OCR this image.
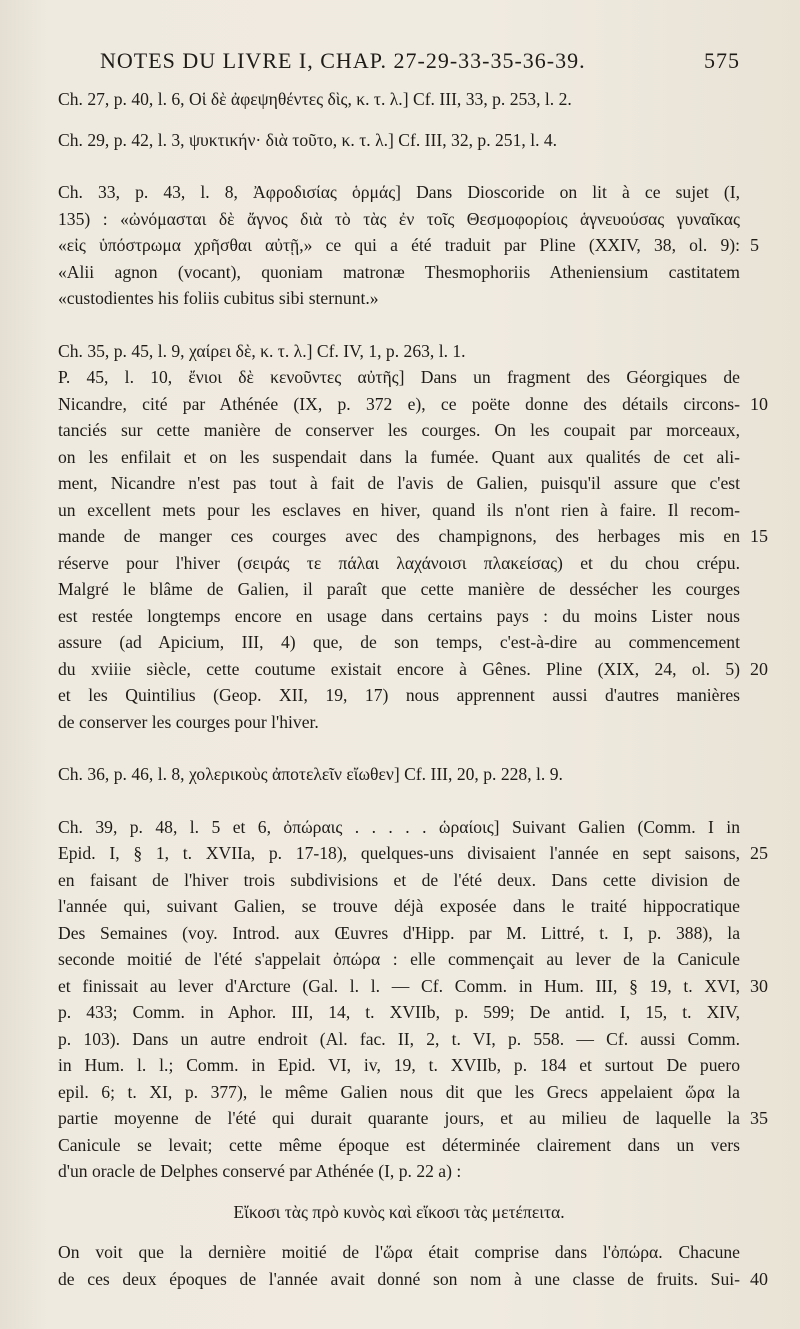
NOTES DU LIVRE I, CHAP. 27-29-33-35-36-39.	575
Ch. 27, p. 40, l. 6, Οἱ δὲ ἀφεψηθέντες δὶς, κ. τ. λ.] Cf. III, 33, p. 253, l. 2.
Ch. 29, p. 42, l. 3, ψυκτικήν· διὰ τοῦτο, κ. τ. λ.] Cf. III, 32, p. 251, l. 4.
Ch. 33, p. 43, l. 8, Ἀφροδισίας ὁρμάς] Dans Dioscoride on lit à ce sujet (I,
135) : «ὠνόμασται δὲ ἄγνος διὰ τὸ τὰς ἐν τοῖς Θεσμοφορίοις ἁγνευούσας γυναῖκας
«εἰς ὑπόστρωμα χρῆσθαι αὐτῇ,» ce qui a été traduit par Pline (XXIV, 38, ol. 9): 5
«Alii agnon (vocant), quoniam matronæ Thesmophoriis Atheniensium castitatem
«custodientes his foliis cubitus sibi sternunt.»
Ch. 35, p. 45, l. 9, χαίρει δὲ, κ. τ. λ.] Cf. IV, 1, p. 263, l. 1.
P. 45, l. 10, ἔνιοι δὲ κενοῦντες αὐτῆς] Dans un fragment des Géorgiques de
Nicandre, cité par Athénée (IX, p. 372 e), ce poëte donne des détails circons- 10
tanciés sur cette manière de conserver les courges. On les coupait par morceaux,
on les enfilait et on les suspendait dans la fumée. Quant aux qualités de cet ali-
ment, Nicandre n'est pas tout à fait de l'avis de Galien, puisqu'il assure que c'est
un excellent mets pour les esclaves en hiver, quand ils n'ont rien à faire. Il recom-
mande de manger ces courges avec des champignons, des herbages mis en 15
réserve pour l'hiver (σειράς τε πάλαι λαχάνοισι πλακείσας) et du chou crépu.
Malgré le blâme de Galien, il paraît que cette manière de dessécher les courges
est restée longtemps encore en usage dans certains pays : du moins Lister nous
assure (ad Apicium, III, 4) que, de son temps, c'est-à-dire au commencement
du xviiie siècle, cette coutume existait encore à Gênes. Pline (XIX, 24, ol. 5) 20
et les Quintilius (Geop. XII, 19, 17) nous apprennent aussi d'autres manières
de conserver les courges pour l'hiver.
Ch. 36, p. 46, l. 8, χολερικοὺς ἀποτελεῖν εἴωθεν] Cf. III, 20, p. 228, l. 9.
Ch. 39, p. 48, l. 5 et 6, ὀπώραις . . . . . ὡραίοις] Suivant Galien (Comm. I in
Epid. I, § 1, t. XVIIa, p. 17-18), quelques-uns divisaient l'année en sept saisons, 25
en faisant de l'hiver trois subdivisions et de l'été deux. Dans cette division de
l'année qui, suivant Galien, se trouve déjà exposée dans le traité hippocratique
Des Semaines (voy. Introd. aux Œuvres d'Hipp. par M. Littré, t. I, p. 388), la
seconde moitié de l'été s'appelait ὀπώρα : elle commençait au lever de la Canicule
et finissait au lever d'Arcture (Gal. l. l. — Cf. Comm. in Hum. III, § 19, t. XVI, 30
p. 433; Comm. in Aphor. III, 14, t. XVIIb, p. 599; De antid. I, 15, t. XIV,
p. 103). Dans un autre endroit (Al. fac. II, 2, t. VI, p. 558. — Cf. aussi Comm.
in Hum. l. l.; Comm. in Epid. VI, iv, 19, t. XVIIb, p. 184 et surtout De puero
epil. 6; t. XI, p. 377), le même Galien nous dit que les Grecs appelaient ὥρα la
partie moyenne de l'été qui durait quarante jours, et au milieu de laquelle la 35
Canicule se levait; cette même époque est déterminée clairement dans un vers
d'un oracle de Delphes conservé par Athénée (I, p. 22 a) :
Εἴκοσι τὰς πρὸ κυνὸς καὶ εἴκοσι τὰς μετέπειτα.
On voit que la dernière moitié de l'ὥρα était comprise dans l'ὀπώρα. Chacune
de ces deux époques de l'année avait donné son nom à une classe de fruits. Sui- 40
